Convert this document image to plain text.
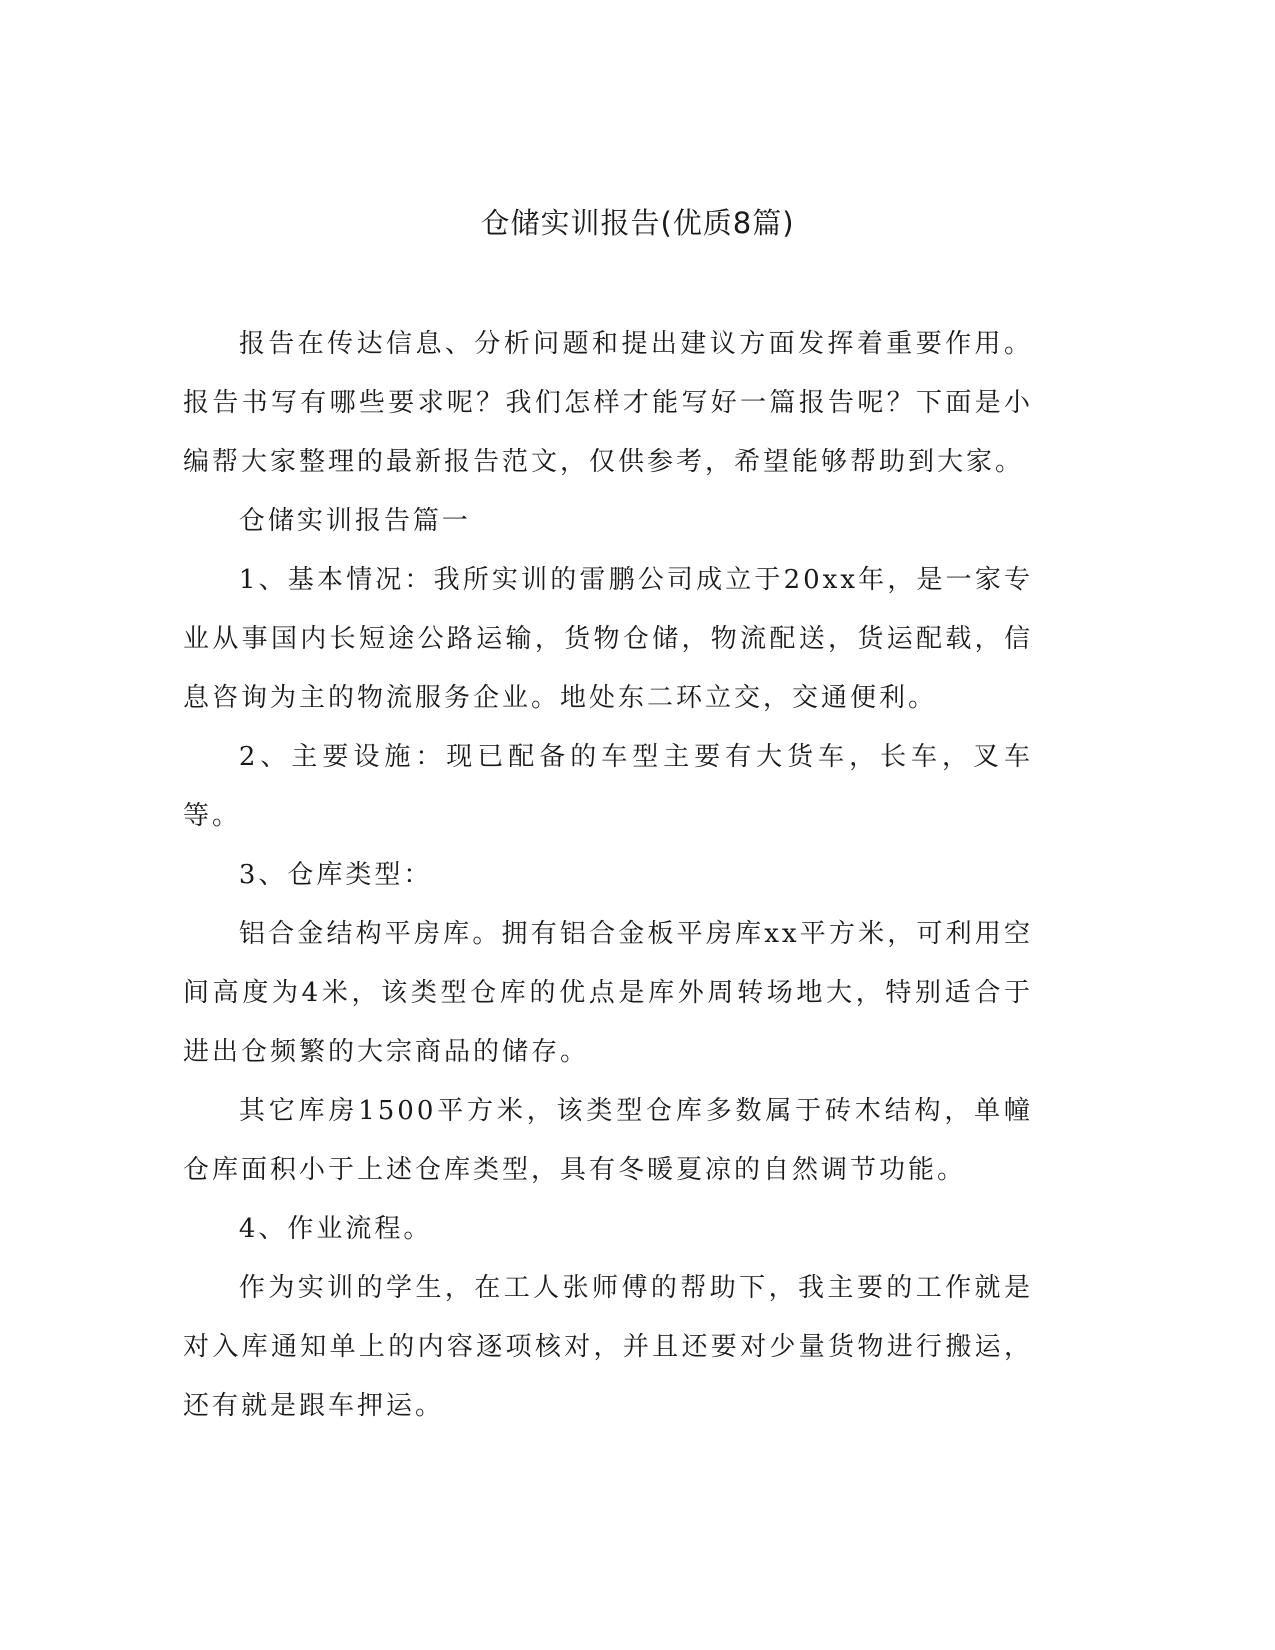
仓储实训报告(优质8篇)

报告在传达信息、分析问题和提出建议方面发挥着重要作用。报告书写有哪些要求呢？我们怎样才能写好一篇报告呢？下面是小编帮大家整理的最新报告范文，仅供参考，希望能够帮助到大家。

仓储实训报告篇一

1、基本情况：我所实训的雷鹏公司成立于20xx年，是一家专业从事国内长短途公路运输，货物仓储，物流配送，货运配载，信息咨询为主的物流服务企业。地处东二环立交，交通便利。

2、主要设施：现已配备的车型主要有大货车，长车，叉车等。

3、仓库类型：

铝合金结构平房库。拥有铝合金板平房库xx平方米，可利用空间高度为4米，该类型仓库的优点是库外周转场地大，特别适合于进出仓频繁的大宗商品的储存。

其它库房1500平方米，该类型仓库多数属于砖木结构，单幢仓库面积小于上述仓库类型，具有冬暖夏凉的自然调节功能。

4、作业流程。

作为实训的学生，在工人张师傅的帮助下，我主要的工作就是对入库通知单上的内容逐项核对，并且还要对少量货物进行搬运，还有就是跟车押运。
